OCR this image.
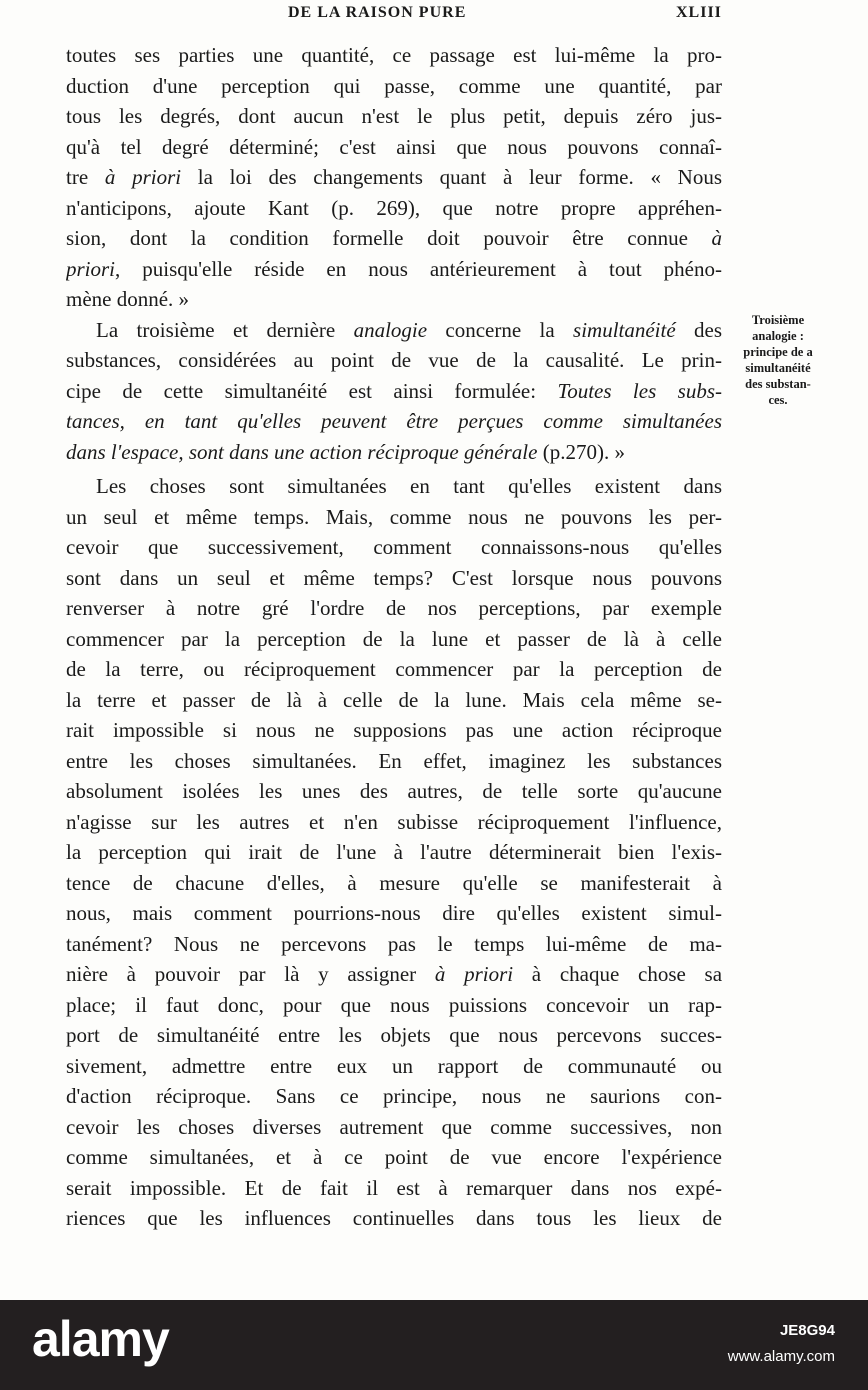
DE LA RAISON PURE	XLIII
toutes ses parties une quantité, ce passage est lui-même la pro-
duction d'une perception qui passe, comme une quantité, par
tous les degrés, dont aucun n'est le plus petit, depuis zéro jus-
qu'à tel degré déterminé; c'est ainsi que nous pouvons connaî-
tre à priori la loi des changements quant à leur forme. « Nous
n'anticipons, ajoute Kant (p. 269), que notre propre appréhen-
sion, dont la condition formelle doit pouvoir être connue à
priori, puisqu'elle réside en nous antérieurement à tout phéno-
mène donné. »
La troisième et dernière analogie concerne la simultanéité des
substances, considérées au point de vue de la causalité. Le prin-
cipe de cette simultanéité est ainsi formulée: Toutes les subs-
tances, en tant qu'elles peuvent être perçues comme simultanées
dans l'espace, sont dans une action réciproque générale (p.270). »
Les choses sont simultanées en tant qu'elles existent dans
un seul et même temps. Mais, comme nous ne pouvons les per-
cevoir que successivement, comment connaissons-nous qu'elles
sont dans un seul et même temps? C'est lorsque nous pouvons
renverser à notre gré l'ordre de nos perceptions, par exemple
commencer par la perception de la lune et passer de là à celle
de la terre, ou réciproquement commencer par la perception de
la terre et passer de là à celle de la lune. Mais cela même se-
rait impossible si nous ne supposions pas une action réciproque
entre les choses simultanées. En effet, imaginez les substances
absolument isolées les unes des autres, de telle sorte qu'aucune
n'agisse sur les autres et n'en subisse réciproquement l'influence,
la perception qui irait de l'une à l'autre déterminerait bien l'exis-
tence de chacune d'elles, à mesure qu'elle se manifesterait à
nous, mais comment pourrions-nous dire qu'elles existent simul-
tanément? Nous ne percevons pas le temps lui-même de ma-
nière à pouvoir par là y assigner à priori à chaque chose sa
place; il faut donc, pour que nous puissions concevoir un rap-
port de simultanéité entre les objets que nous percevons succes-
sivement, admettre entre eux un rapport de communauté ou
d'action réciproque. Sans ce principe, nous ne saurions con-
cevoir les choses diverses autrement que comme successives, non
comme simultanées, et à ce point de vue encore l'expérience
serait impossible. Et de fait il est à remarquer dans nos expé-
riences que les influences continuelles dans tous les lieux de
Troisième
analogie :
principe de a
simultanéité
des substan-
ces.
alamy	JE8G94
www.alamy.com
